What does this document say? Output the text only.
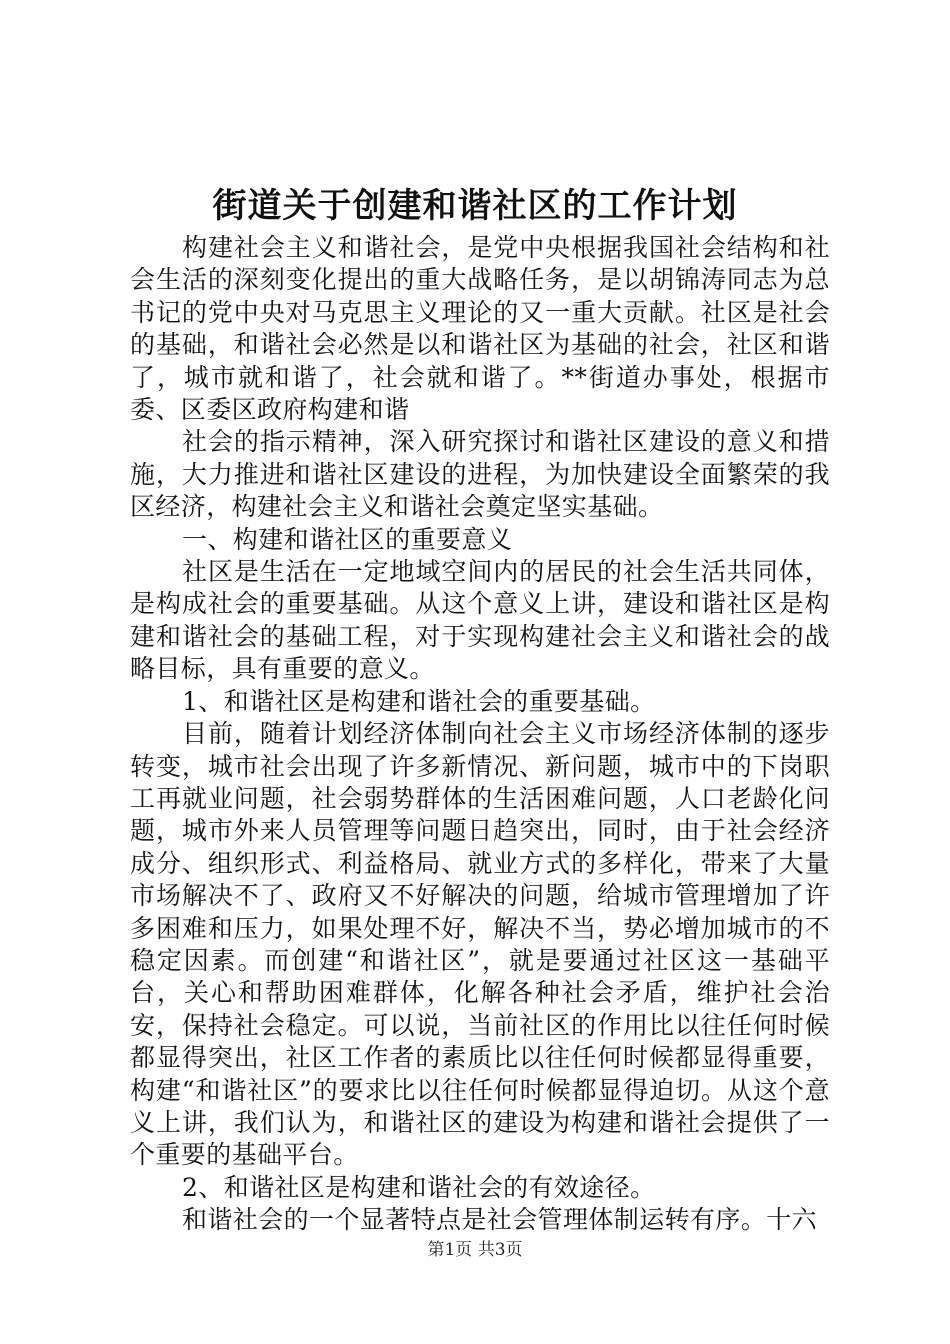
街道关于创建和谐社区的工作计划

构建社会主义和谐社会，是党中央根据我国社会结构和社会生活的深刻变化提出的重大战略任务，是以胡锦涛同志为总书记的党中央对马克思主义理论的又一重大贡献。社区是社会的基础，和谐社会必然是以和谐社区为基础的社会，社区和谐了，城市就和谐了，社会就和谐了。**街道办事处，根据市委、区委区政府构建和谐

社会的指示精神，深入研究探讨和谐社区建设的意义和措施，大力推进和谐社区建设的进程，为加快建设全面繁荣的我区经济，构建社会主义和谐社会奠定坚实基础。

一、构建和谐社区的重要意义

社区是生活在一定地域空间内的居民的社会生活共同体，是构成社会的重要基础。从这个意义上讲，建设和谐社区是构建和谐社会的基础工程，对于实现构建社会主义和谐社会的战略目标，具有重要的意义。

1、和谐社区是构建和谐社会的重要基础。

目前，随着计划经济体制向社会主义市场经济体制的逐步转变，城市社会出现了许多新情况、新问题，城市中的下岗职工再就业问题，社会弱势群体的生活困难问题，人口老龄化问题，城市外来人员管理等问题日趋突出，同时，由于社会经济成分、组织形式、利益格局、就业方式的多样化，带来了大量市场解决不了、政府又不好解决的问题，给城市管理增加了许多困难和压力，如果处理不好，解决不当，势必增加城市的不稳定因素。而创建“和谐社区”，就是要通过社区这一基础平台，关心和帮助困难群体，化解各种社会矛盾，维护社会治安，保持社会稳定。可以说，当前社区的作用比以往任何时候都显得突出，社区工作者的素质比以往任何时候都显得重要，构建“和谐社区”的要求比以往任何时候都显得迫切。从这个意义上讲，我们认为，和谐社区的建设为构建和谐社会提供了一个重要的基础平台。

2、和谐社区是构建和谐社会的有效途径。

和谐社会的一个显著特点是社会管理体制运转有序。十六

第1页 共3页
